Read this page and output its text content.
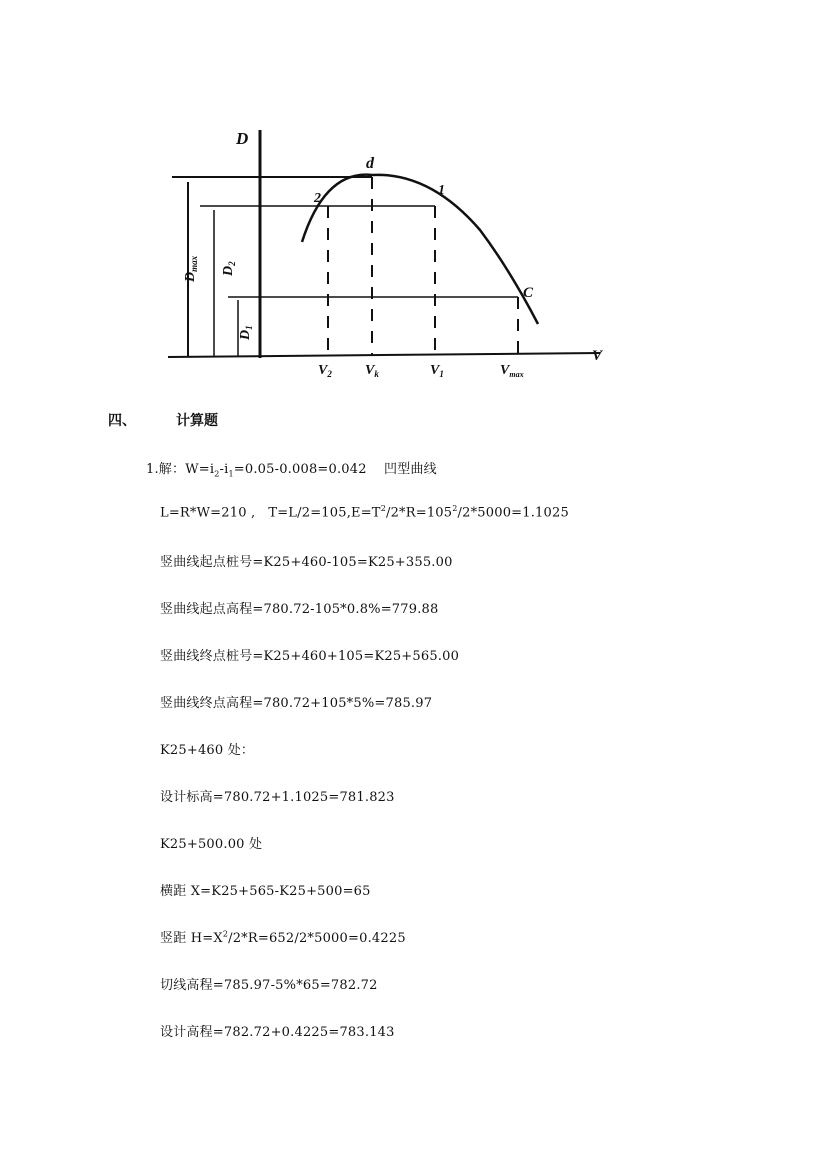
D
V
d
1
2
C
$V_2$ $V_k$	$V_1$	$V_{max}$
$D_{max}$ $D_2$
$D_1$
四、	计算题
1.解：$W=i_2-i_1=0.05-0.008=0.042$    凹型曲线
L=R*W=210 ,   $T=L/2=105,E=T^2/2*R=105^2/2*5000=1.1025$
竖曲线起点桩号=K25+460-105=K25+355.00
竖曲线起点高程=780.72-105*0.8%=779.88
竖曲线终点桩号=K25+460+105=K25+565.00
竖曲线终点高程=780.72+105*5%=785.97
K25+460 处：
设计标高=780.72+1.1025=781.823
K25+500.00 处
横距 X=K25+565-K25+500=65
竖距 $H=X^2/2*R=652/2*5000=0.4225$
切线高程=785.97-5%*65=782.72
设计高程=782.72+0.4225=783.143
